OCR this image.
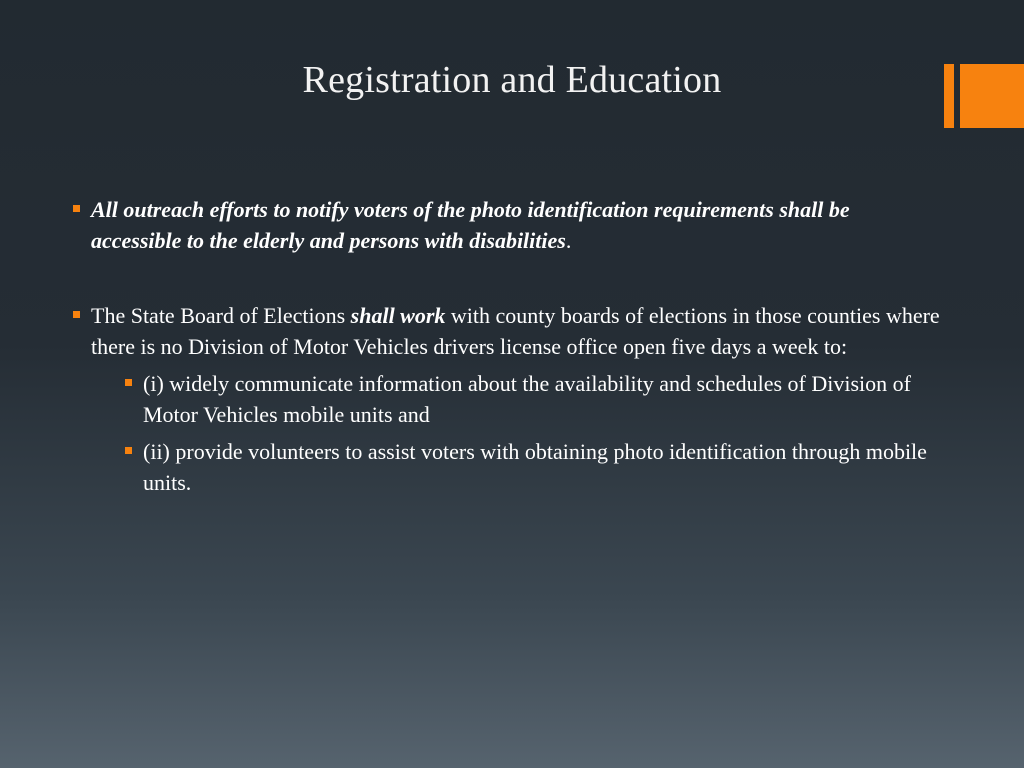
Registration and Education
All outreach efforts to notify voters of the photo identification requirements shall be accessible to the elderly and persons with disabilities.
The State Board of Elections shall work with county boards of elections in those counties where there is no Division of Motor Vehicles drivers license office open five days a week to:
(i) widely communicate information about the availability and schedules of Division of Motor Vehicles mobile units and
(ii) provide volunteers to assist voters with obtaining photo identification through mobile units.
